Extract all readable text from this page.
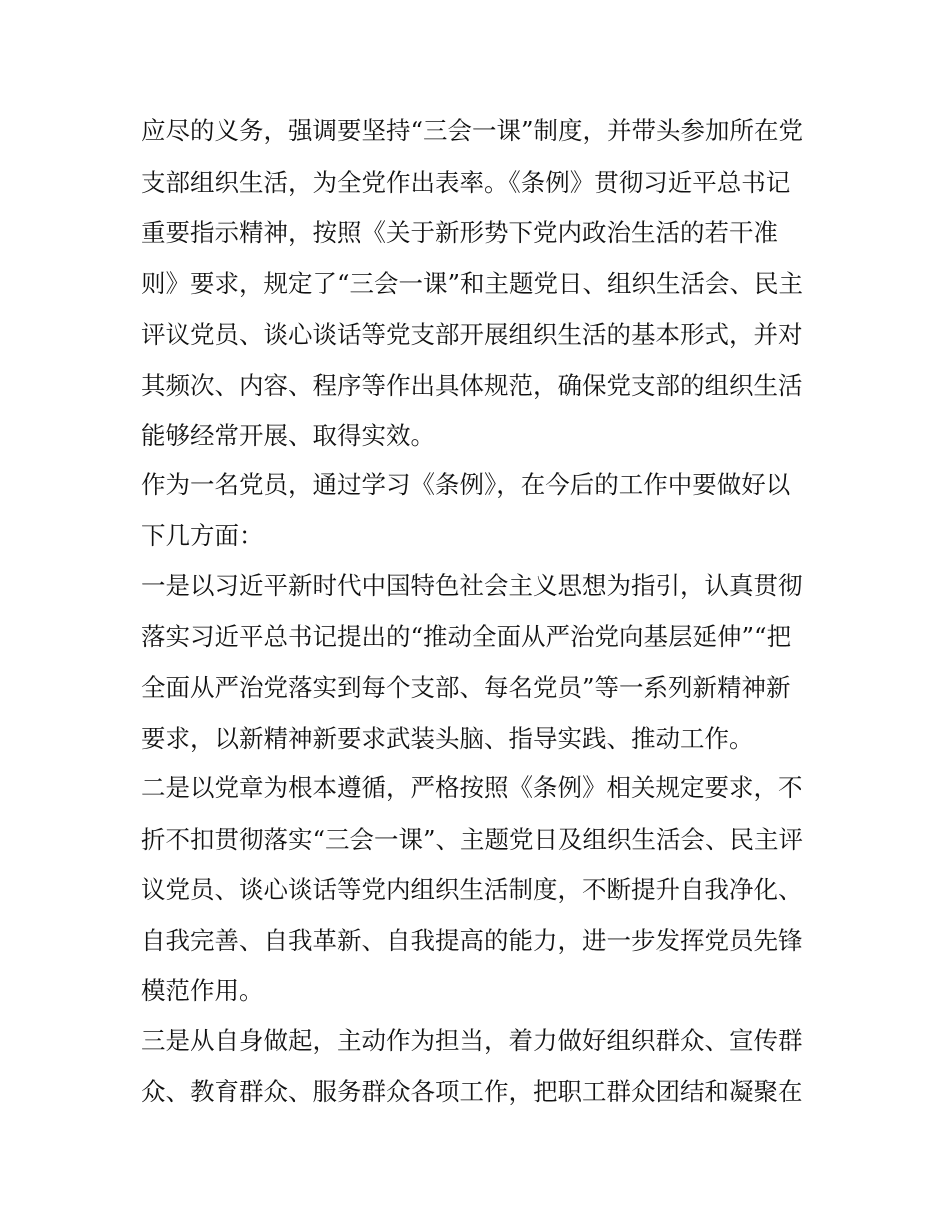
应尽的义务，强调要坚持“三会一课”制度，并带头参加所在党
支部组织生活，为全党作出表率。《条例》贯彻习近平总书记
重要指示精神，按照《关于新形势下党内政治生活的若干准
则》要求，规定了“三会一课”和主题党日、组织生活会、民主
评议党员、谈心谈话等党支部开展组织生活的基本形式，并对
其频次、内容、程序等作出具体规范，确保党支部的组织生活
能够经常开展、取得实效。
作为一名党员，通过学习《条例》，在今后的工作中要做好以
下几方面：
一是以习近平新时代中国特色社会主义思想为指引，认真贯彻
落实习近平总书记提出的“推动全面从严治党向基层延伸”“把
全面从严治党落实到每个支部、每名党员”等一系列新精神新
要求，以新精神新要求武装头脑、指导实践、推动工作。
二是以党章为根本遵循，严格按照《条例》相关规定要求，不
折不扣贯彻落实“三会一课”、主题党日及组织生活会、民主评
议党员、谈心谈话等党内组织生活制度，不断提升自我净化、
自我完善、自我革新、自我提高的能力，进一步发挥党员先锋
模范作用。
三是从自身做起，主动作为担当，着力做好组织群众、宣传群
众、教育群众、服务群众各项工作，把职工群众团结和凝聚在
